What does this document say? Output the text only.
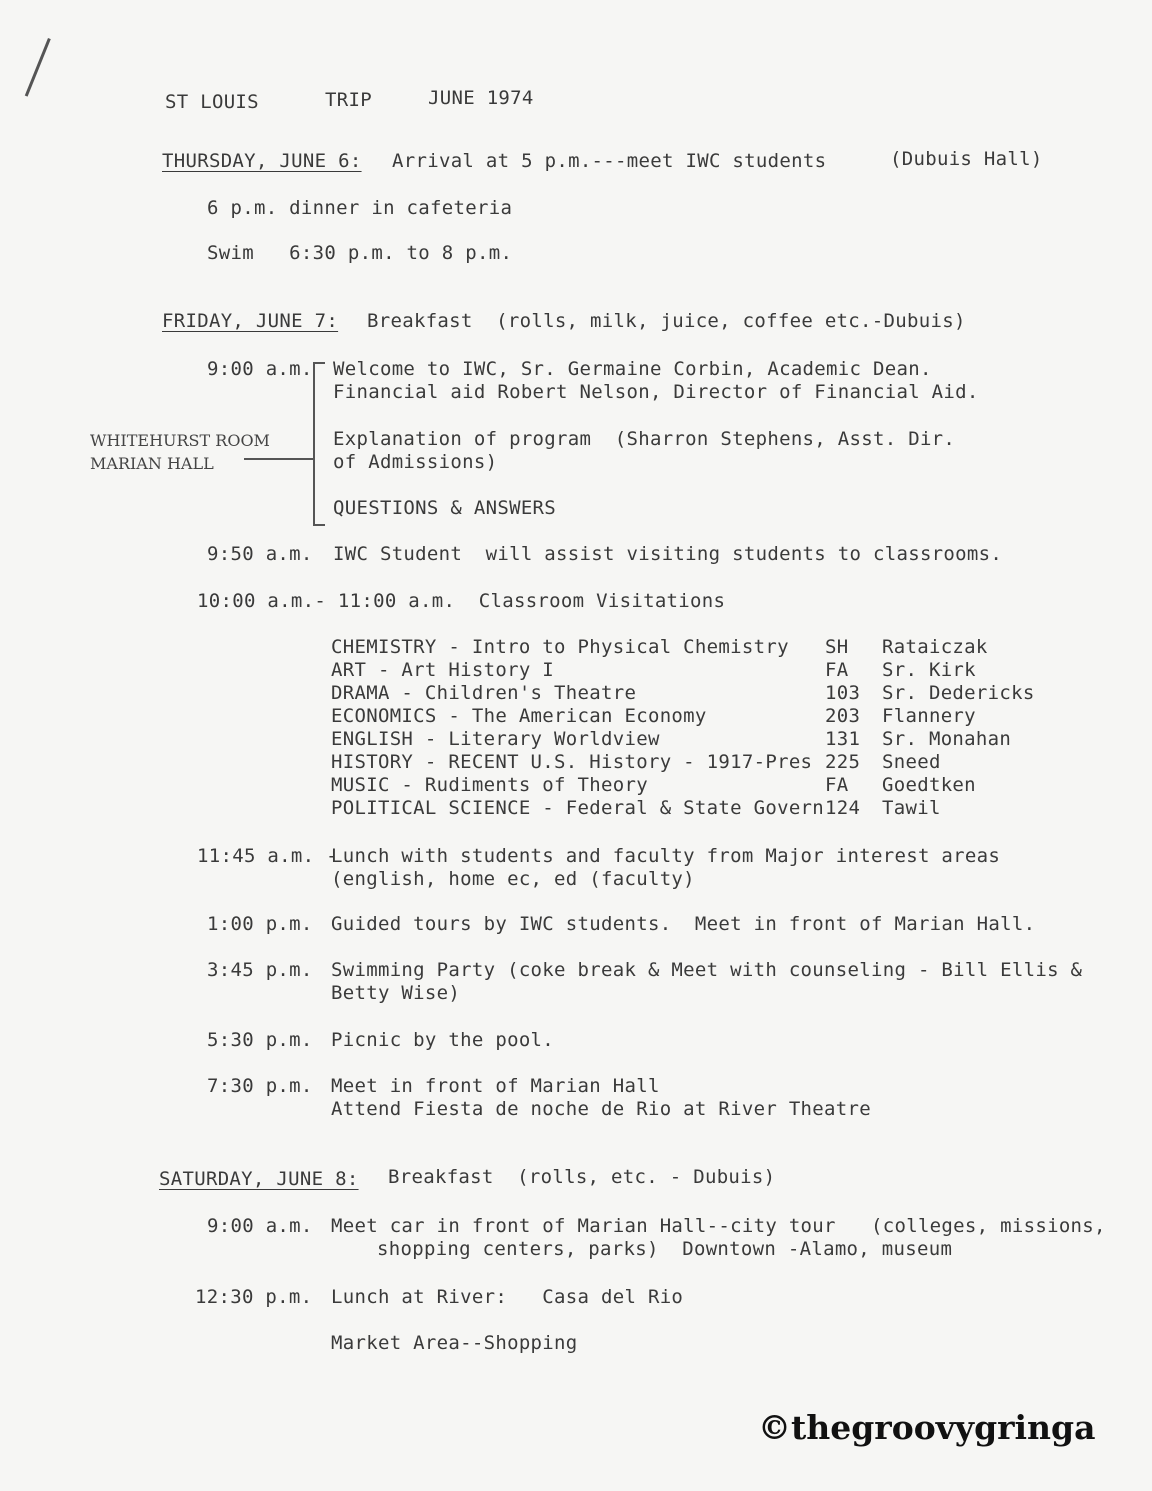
ST LOUIS	TRIP	JUNE 1974
THURSDAY, JUNE 6: Arrival at 5 p.m.---meet IWC students	(Dubuis Hall)
6 p.m. dinner in cafeteria
Swim   6:30 p.m. to 8 p.m.
FRIDAY, JUNE 7: Breakfast  (rolls, milk, juice, coffee etc.-Dubuis)
9:00 a.m. Welcome to IWC, Sr. Germaine Corbin, Academic Dean.
Financial aid Robert Nelson, Director of Financial Aid.
WHITEHURST ROOM
MARIAN HALL
Explanation of program  (Sharron Stephens, Asst. Dir.
of Admissions)
QUESTIONS & ANSWERS
9:50 a.m. IWC Student  will assist visiting students to classrooms.
10:00 a.m.- 11:00 a.m.  Classroom Visitations
CHEMISTRY - Intro to Physical Chemistry SH Rataiczak
ART - Art History I	FA Sr. Kirk
DRAMA - Children's Theatre	103 Sr. Dedericks
ECONOMICS - The American Economy	203 Flannery
ENGLISH - Literary Worldview	131 Sr. Monahan
HISTORY - RECENT U.S. History - 1917-Pres 225 Sneed
MUSIC - Rudiments of Theory	FA Goedtken
POLITICAL SCIENCE - Federal & State Govern 124 Tawil
11:45 a.m. -
Lunch with students and faculty from Major interest areas
(english, home ec, ed (faculty)
1:00 p.m. Guided tours by IWC students.  Meet in front of Marian Hall.
3:45 p.m. Swimming Party (coke break & Meet with counseling - Bill Ellis &
Betty Wise)
5:30 p.m. Picnic by the pool.
7:30 p.m. Meet in front of Marian Hall
Attend Fiesta de noche de Rio at River Theatre
SATURDAY, JUNE 8: Breakfast  (rolls, etc. - Dubuis)
9:00 a.m. Meet car in front of Marian Hall--city tour   (colleges, missions,
shopping centers, parks)  Downtown -Alamo, museum
12:30 p.m. Lunch at River:   Casa del Rio
Market Area--Shopping
©thegroovygringa
